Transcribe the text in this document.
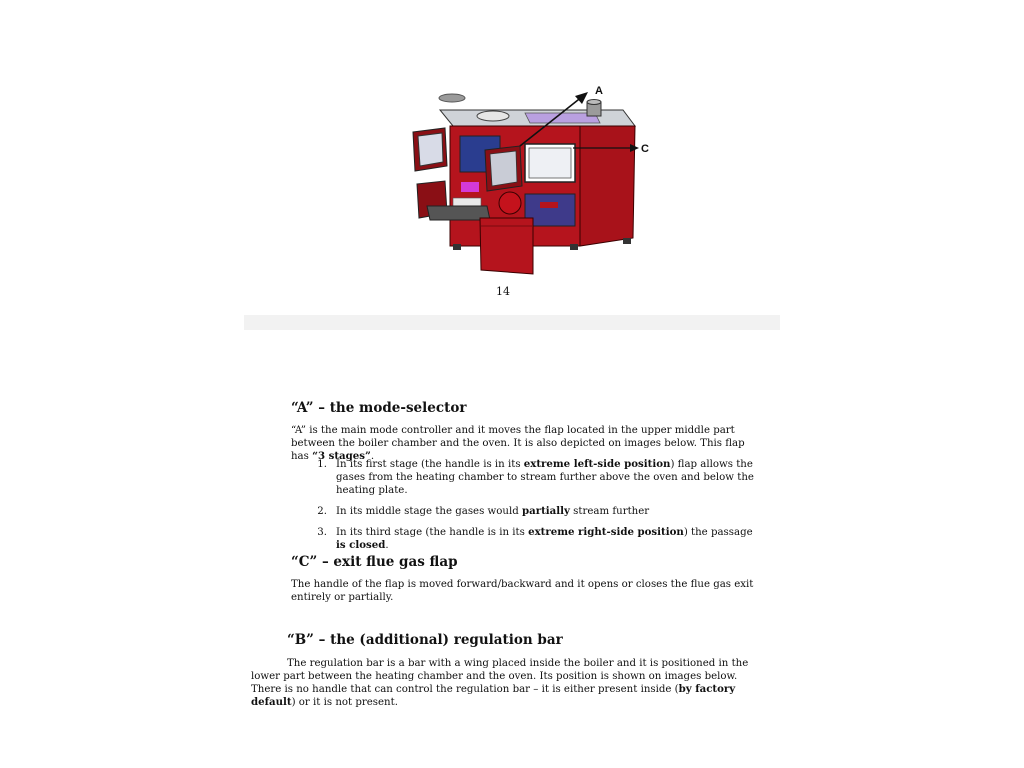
A
C
14
“A” – the mode-selector

“A” is the main mode controller and it moves the flap located in the upper middle part between the boiler chamber and the oven. It is also depicted on images below. This flap has “3 stages”.

1. In its first stage (the handle is in its extreme left-side position) flap allows the gases from the heating chamber to stream further above the oven and below the heating plate.
2. In its middle stage the gases would partially stream further
3. In its third stage (the handle is in its extreme right-side position) the passage is closed.
“C” – exit flue gas flap

The handle of the flap is moved forward/backward and it opens or closes the flue gas exit entirely or partially.

“B” – the (additional) regulation bar

The regulation bar is a bar with a wing placed inside the boiler and it is positioned in the lower part between the heating chamber and the oven. Its position is shown on images below. There is no handle that can control the regulation bar – it is either present inside (by factory default) or it is not present.
